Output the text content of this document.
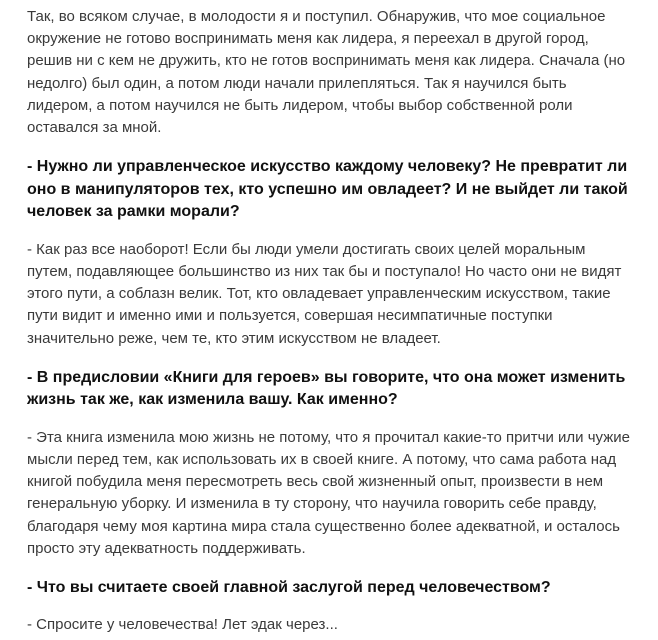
Так, во всяком случае, в молодости я и поступил. Обнаружив, что мое социальное окружение не готово воспринимать меня как лидера, я переехал в другой город, решив ни с кем не дружить, кто не готов воспринимать меня как лидера. Сначала (но недолго) был один, а потом люди начали прилепляться. Так я научился быть лидером, а потом научился не быть лидером, чтобы выбор собственной роли оставался за мной.

- Нужно ли управленческое искусство каждому человеку? Не превратит ли оно в манипуляторов тех, кто успешно им овладеет? И не выйдет ли такой человек за рамки морали?

- Как раз все наоборот! Если бы люди умели достигать своих целей моральным путем, подавляющее большинство из них так бы и поступало! Но часто они не видят этого пути, а соблазн велик. Тот, кто овладевает управленческим искусством, такие пути видит и именно ими и пользуется, совершая несимпатичные поступки значительно реже, чем те, кто этим искусством не владеет.

- В предисловии «Книги для героев» вы говорите, что она может изменить жизнь так же, как изменила вашу. Как именно?

- Эта книга изменила мою жизнь не потому, что я прочитал какие-то притчи или чужие мысли перед тем, как использовать их в своей книге. А потому, что сама работа над книгой побудила меня пересмотреть весь свой жизненный опыт, произвести в нем генеральную уборку. И изменила в ту сторону, что научила говорить себе правду, благодаря чему моя картина мира стала существенно более адекватной, и осталось просто эту адекватность поддерживать.

- Что вы считаете своей главной заслугой перед человечеством?

- Спросите у человечества! Лет эдак через...
